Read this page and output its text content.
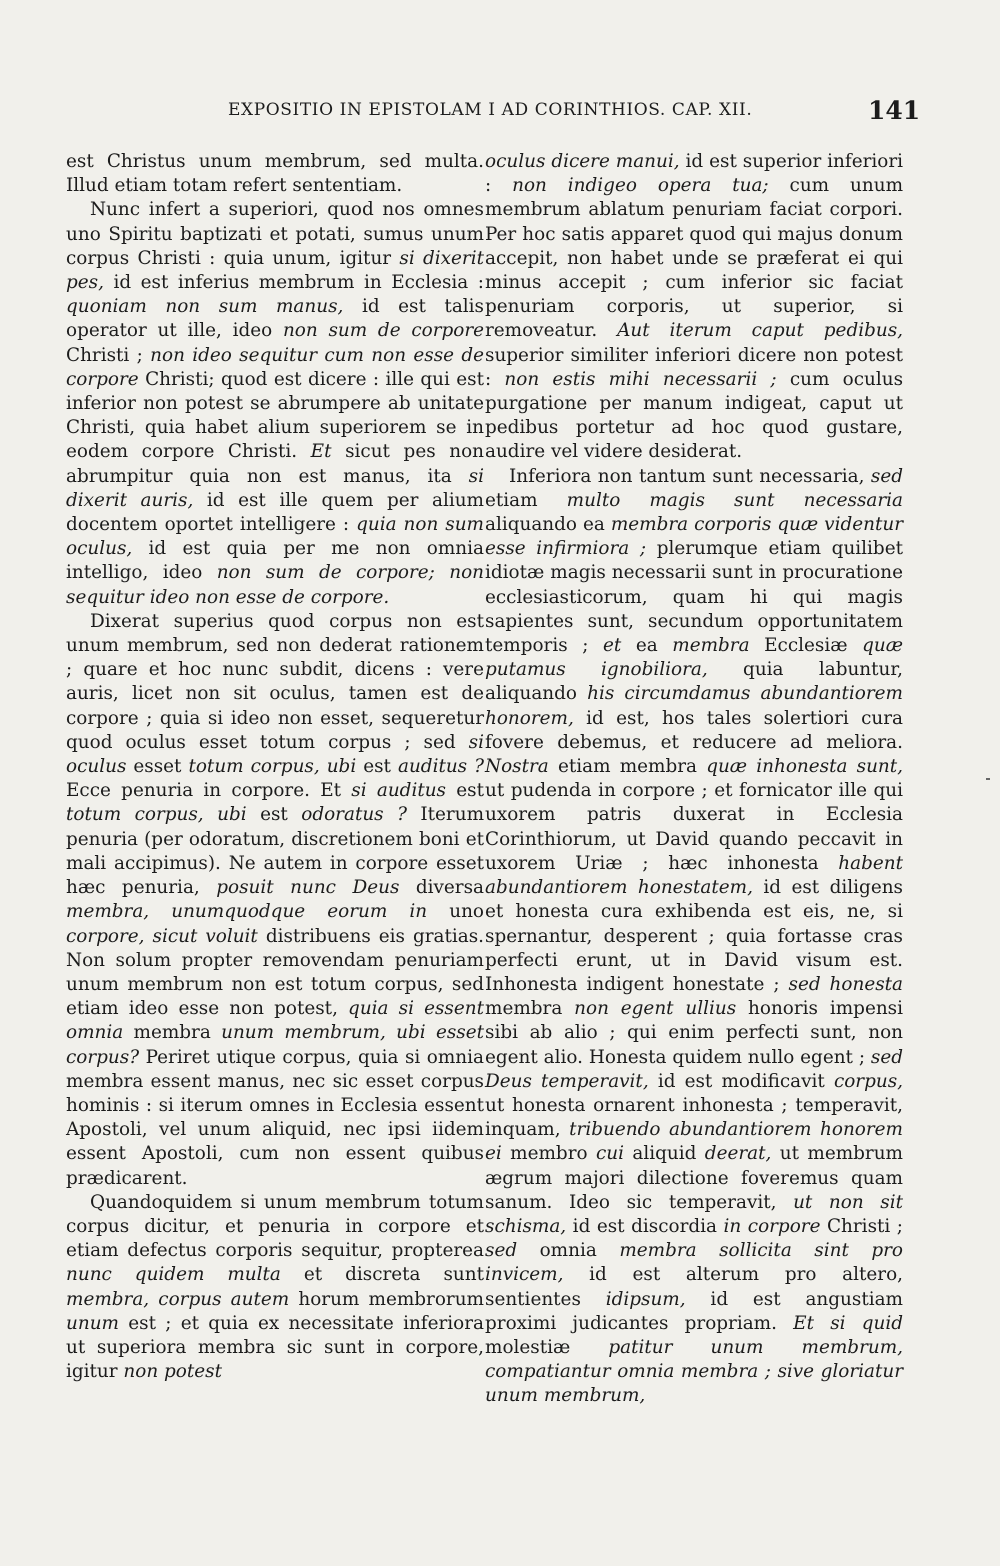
EXPOSITIO IN EPISTOLAM I AD CORINTHIOS. CAP. XII.	141

est Christus unum membrum, sed multa. Illud etiam totam refert sententiam.

Nunc infert a superiori, quod nos omnes uno Spiritu baptizati et potati, sumus unum corpus Christi : quia unum, igitur si dixerit pes, id est inferius membrum in Ecclesia : quoniam non sum manus, id est talis operator ut ille, ideo non sum de corpore Christi ; non ideo sequitur cum non esse de corpore Christi; quod est dicere : ille qui est inferior non potest se abrumpere ab unitate Christi, quia habet alium superiorem se in eodem corpore Christi. Et sicut pes non abrumpitur quia non est manus, ita si dixerit auris, id est ille quem per alium docentem oportet intelligere : quia non sum oculus, id est quia per me non omnia intelligo, ideo non sum de corpore; non sequitur ideo non esse de corpore.

Dixerat superius quod corpus non est unum membrum, sed non dederat rationem ; quare et hoc nunc subdit, dicens : vere auris, licet non sit oculus, tamen est de corpore ; quia si ideo non esset, sequeretur quod oculus esset totum corpus ; sed si oculus esset totum corpus, ubi est auditus ? Ecce penuria in corpore. Et si auditus est totum corpus, ubi est odoratus ? Iterum penuria (per odoratum, discretionem boni et mali accipimus). Ne autem in corpore esset hæc penuria, posuit nunc Deus diversa membra, unumquodque eorum in uno corpore, sicut voluit distribuens eis gratias. Non solum propter removendam penuriam unum membrum non est totum corpus, sed etiam ideo esse non potest, quia si essent omnia membra unum membrum, ubi esset corpus? Periret utique corpus, quia si omnia membra essent manus, nec sic esset corpus hominis : si iterum omnes in Ecclesia essent Apostoli, vel unum aliquid, nec ipsi iidem essent Apostoli, cum non essent quibus prædicarent.

Quandoquidem si unum membrum totum corpus dicitur, et penuria in corpore et etiam defectus corporis sequitur, propterea nunc quidem multa et discreta sunt membra, corpus autem horum membrorum unum est ; et quia ex necessitate inferiora ut superiora membra sic sunt in corpore, igitur non potest

oculus dicere manui, id est superior inferiori : non indigeo opera tua; cum unum membrum ablatum penuriam faciat corpori. Per hoc satis apparet quod qui majus donum accepit, non habet unde se præferat ei qui minus accepit ; cum inferior sic faciat penuriam corporis, ut superior, si removeatur. Aut iterum caput pedibus, superior similiter inferiori dicere non potest : non estis mihi necessarii ; cum oculus purgatione per manum indigeat, caput ut pedibus portetur ad hoc quod gustare, audire vel videre desiderat.

Inferiora non tantum sunt necessaria, sed etiam multo magis sunt necessaria aliquando ea membra corporis quæ videntur esse infirmiora ; plerumque etiam quilibet idiotæ magis necessarii sunt in procuratione ecclesiasticorum, quam hi qui magis sapientes sunt, secundum opportunitatem temporis ; et ea membra Ecclesiæ quæ putamus ignobiliora, quia labuntur, aliquando his circumdamus abundantiorem honorem, id est, hos tales solertiori cura fovere debemus, et reducere ad meliora. Nostra etiam membra quæ inhonesta sunt, ut pudenda in corpore ; et fornicator ille qui uxorem patris duxerat in Ecclesia Corinthiorum, ut David quando peccavit in uxorem Uriæ ; hæc inhonesta habent abundantiorem honestatem, id est diligens et honesta cura exhibenda est eis, ne, si spernantur, desperent ; quia fortasse cras perfecti erunt, ut in David visum est. Inhonesta indigent honestate ; sed honesta membra non egent ullius honoris impensi sibi ab alio ; qui enim perfecti sunt, non egent alio. Honesta quidem nullo egent ; sed Deus temperavit, id est modificavit corpus, ut honesta ornarent inhonesta ; temperavit, inquam, tribuendo abundantiorem honorem ei membro cui aliquid deerat, ut membrum ægrum majori dilectione foveremus quam sanum. Ideo sic temperavit, ut non sit schisma, id est discordia in corpore Christi ; sed omnia membra sollicita sint pro invicem, id est alterum pro altero, sentientes idipsum, id est angustiam proximi judicantes propriam. Et si quid molestiæ patitur unum membrum, compatiantur omnia membra ; sive gloriatur unum membrum,
